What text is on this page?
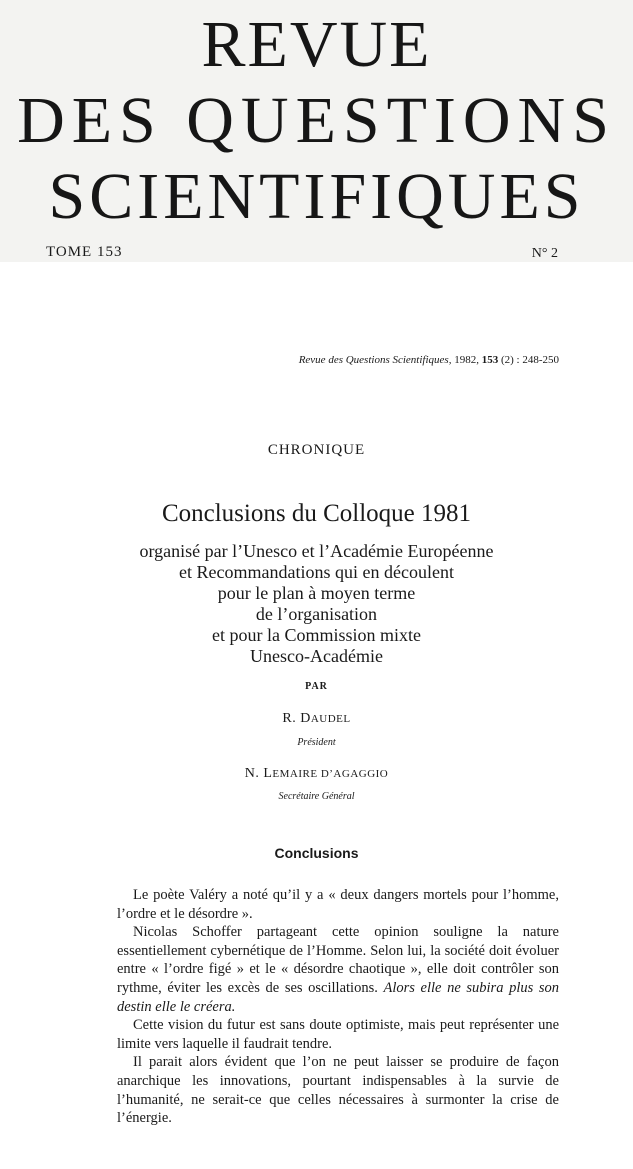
REVUE
DES QUESTIONS
SCIENTIFIQUES
TOME 153	N° 2
Revue des Questions Scientifiques, 1982, 153 (2) : 248-250
CHRONIQUE
Conclusions du Colloque 1981
organisé par l’Unesco et l’Académie Européenne
et Recommandations qui en découlent
pour le plan à moyen terme
de l’organisation
et pour la Commission mixte
Unesco-Académie
PAR
R. DAUDEL
Président
N. LEMAIRE D’AGAGGIO
Secrétaire Général
Conclusions

Le poète Valéry a noté qu’il y a « deux dangers mortels pour l’homme, l’ordre et le désordre ».

Nicolas Schoffer partageant cette opinion souligne la nature essentiellement cybernétique de l’Homme. Selon lui, la société doit évoluer entre « l’ordre figé » et le « désordre chaotique », elle doit contrôler son rythme, éviter les excès de ses oscillations. Alors elle ne subira plus son destin elle le créera.

Cette vision du futur est sans doute optimiste, mais peut représenter une limite vers laquelle il faudrait tendre.

Il parait alors évident que l’on ne peut laisser se produire de façon anarchique les innovations, pourtant indispensables à la survie de l’humanité, ne serait-ce que celles nécessaires à surmonter la crise de l’énergie.
